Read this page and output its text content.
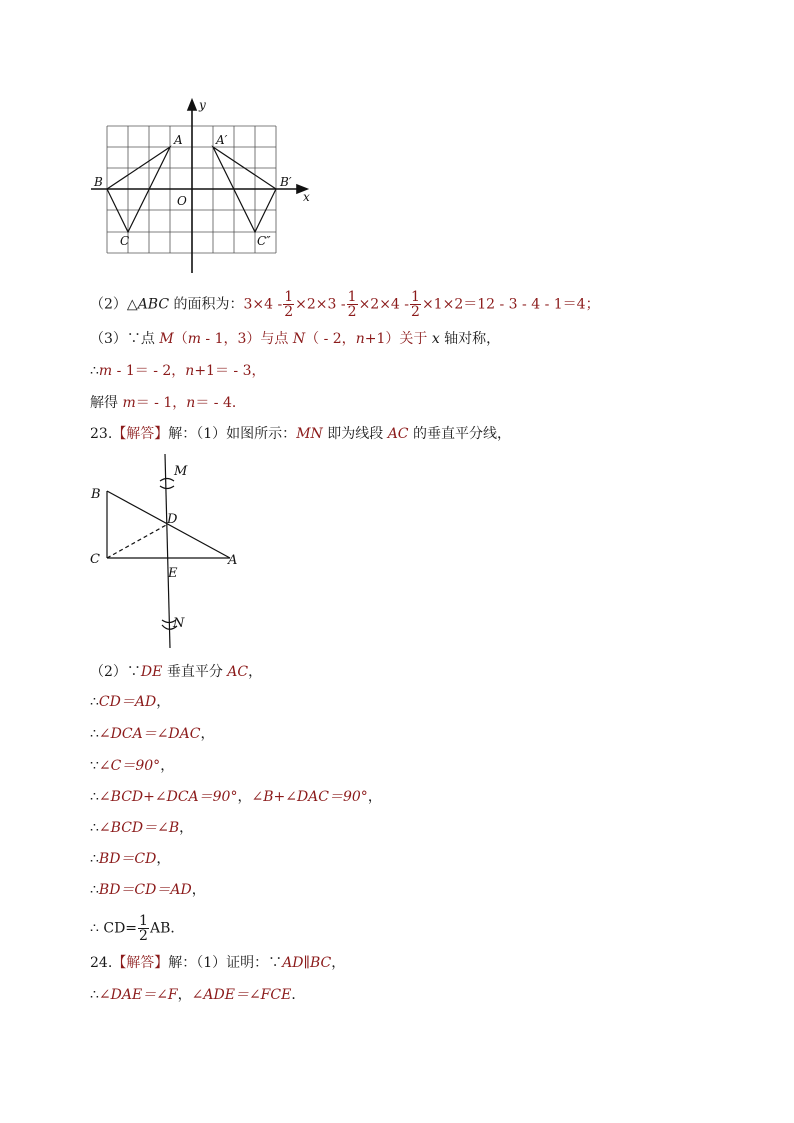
y
x
A	A′
B	B′
O
C	C″
（2）△ABC 的面积为：$3\times 4 - \frac{1}{2} \times 2\times 3 - \frac{1}{2} \times 2\times 4 - \frac{1}{2} \times 1\times 2=12 - 3 - 4 - 1=4$；
（3）∵点 M（m - 1，3）与点 N（ - 2，n+1）关于 x 轴对称，
∴m - 1＝ - 2，n+1＝ - 3，
解得 m＝ - 1，n＝ - 4．
23.【解答】解：（1）如图所示：MN 即为线段 AC 的垂直平分线，
B
M
D
C
E
A
N
（2）∵DE 垂直平分 AC，
∴CD＝AD，
∴∠DCA＝∠DAC，
∵∠C＝90°，
∴∠BCD+∠DCA＝90°，∠B+∠DAC＝90°，
∴∠BCD＝∠B，
∴BD＝CD，
∴BD＝CD＝AD，
∴ $CD= \frac{1}{2}$ AB．
24.【解答】解：（1）证明：∵AD∥BC，
∴∠DAE＝∠F，∠ADE＝∠FCE．
